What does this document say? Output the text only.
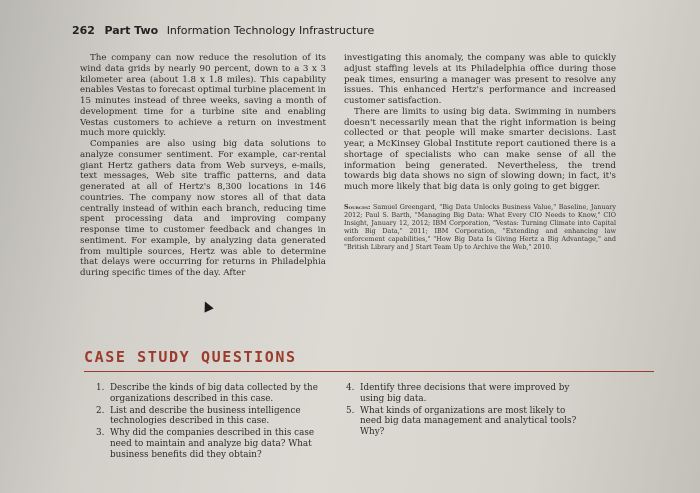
262 Part Two Information Technology Infrastructure

The company can now reduce the resolution of its wind data grids by nearly 90 percent, down to a 3 x 3 kilometer area (about 1.8 x 1.8 miles). This capability enables Vestas to forecast optimal turbine placement in 15 minutes instead of three weeks, saving a month of development time for a turbine site and enabling Vestas customers to achieve a return on investment much more quickly.

Companies are also using big data solutions to analyze consumer sentiment. For example, car-rental giant Hertz gathers data from Web surveys, e-mails, text messages, Web site traffic patterns, and data generated at all of Hertz's 8,300 locations in 146 countries. The company now stores all of that data centrally instead of within each branch, reducing time spent processing data and improving company response time to customer feedback and changes in sentiment. For example, by analyzing data generated from multiple sources, Hertz was able to determine that delays were occurring for returns in Philadelphia during specific times of the day. After

investigating this anomaly, the company was able to quickly adjust staffing levels at its Philadelphia office during those peak times, ensuring a manager was present to resolve any issues. This enhanced Hertz's performance and increased customer satisfaction.

There are limits to using big data. Swimming in numbers doesn't necessarily mean that the right information is being collected or that people will make smarter decisions. Last year, a McKinsey Global Institute report cautioned there is a shortage of specialists who can make sense of all the information being generated. Nevertheless, the trend towards big data shows no sign of slowing down; in fact, it's much more likely that big data is only going to get bigger.

Sources: Samuel Greengard, "Big Data Unlocks Business Value," Baseline, January 2012; Paul S. Barth, "Managing Big Data: What Every CIO Needs to Know," CIO Insight, January 12, 2012; IBM Corporation, "Vestas: Turning Climate into Capital with Big Data," 2011; IBM Corporation, "Extending and enhancing law enforcement capabilities," "How Big Data Is Giving Hertz a Big Advantage," and "British Library and J Start Team Up to Archive the Web," 2010.
CASE STUDY QUESTIONS
1. Describe the kinds of big data collected by the organizations described in this case.
2. List and describe the business intelligence technologies described in this case.
3. Why did the companies described in this case need to maintain and analyze big data? What business benefits did they obtain?
4. Identify three decisions that were improved by using big data.
5. What kinds of organizations are most likely to need big data management and analytical tools? Why?
